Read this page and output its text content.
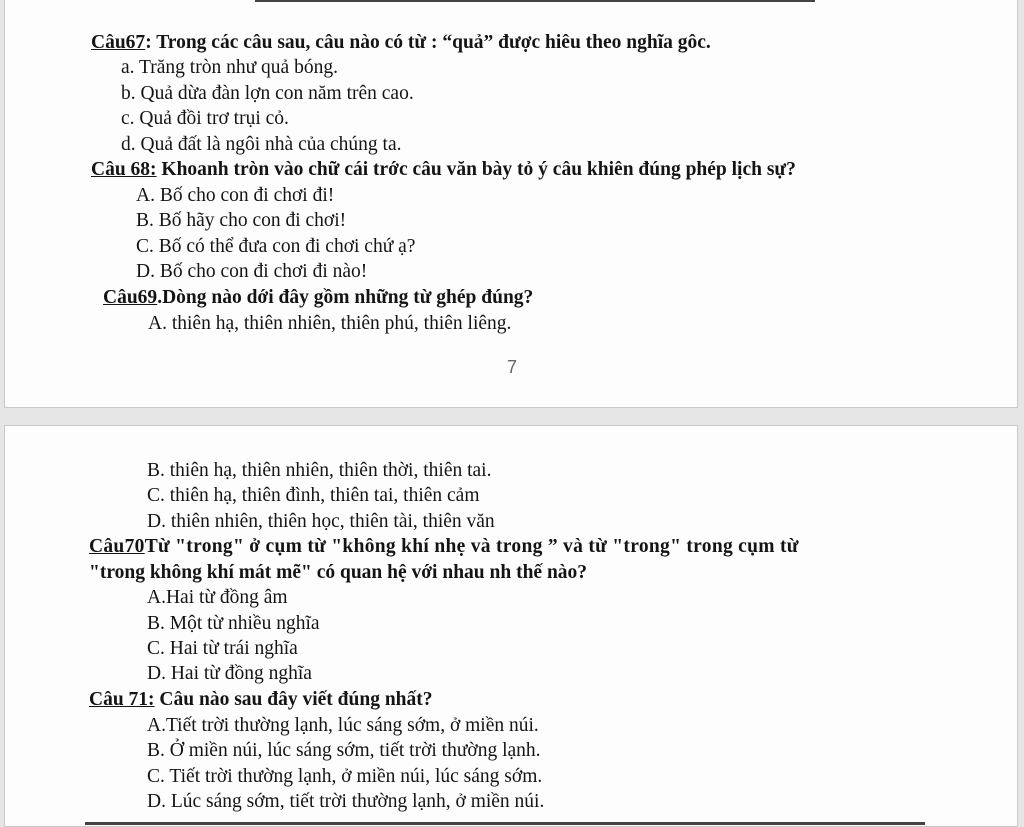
Câu67: Trong các câu sau, câu nào có từ : “quả” được hiêu theo nghĩa gôc.
a. Trăng tròn như quả bóng.
b. Quả dừa đàn lợn con năm trên cao.
c. Quả đồi trơ trụi cỏ.
d. Quả đất là ngôi nhà của chúng ta.
Câu 68: Khoanh tròn vào chữ cái trớc câu văn bày tỏ ý câu khiên đúng phép lịch sự?
A. Bố cho con đi chơi đi!
B. Bố hãy cho con đi chơi!
C. Bố có thể đưa con đi chơi chứ ạ?
D. Bố cho con đi chơi đi nào!
Câu69.Dòng nào dới đây gồm những từ ghép đúng?
A. thiên hạ, thiên nhiên, thiên phú, thiên liêng.
7
B. thiên hạ, thiên nhiên, thiên thời, thiên tai.
C. thiên hạ, thiên đình, thiên tai, thiên cảm
D. thiên nhiên, thiên học, thiên tài, thiên văn
Câu70Từ "trong" ở cụm từ "không khí nhẹ và trong ” và từ "trong" trong cụm từ
"trong không khí mát mẽ" có quan hệ với nhau nh thế nào?
A.Hai từ đồng âm
B. Một từ nhiều nghĩa
C. Hai từ trái nghĩa
D. Hai từ đồng nghĩa
Câu 71: Câu nào sau đây viết đúng nhất?
A.Tiết trời thường lạnh, lúc sáng sớm, ở miền núi.
B. Ở miền núi, lúc sáng sớm, tiết trời thường lạnh.
C. Tiết trời thường lạnh, ở miền núi, lúc sáng sớm.
D. Lúc sáng sớm, tiết trời thường lạnh, ở miền núi.
